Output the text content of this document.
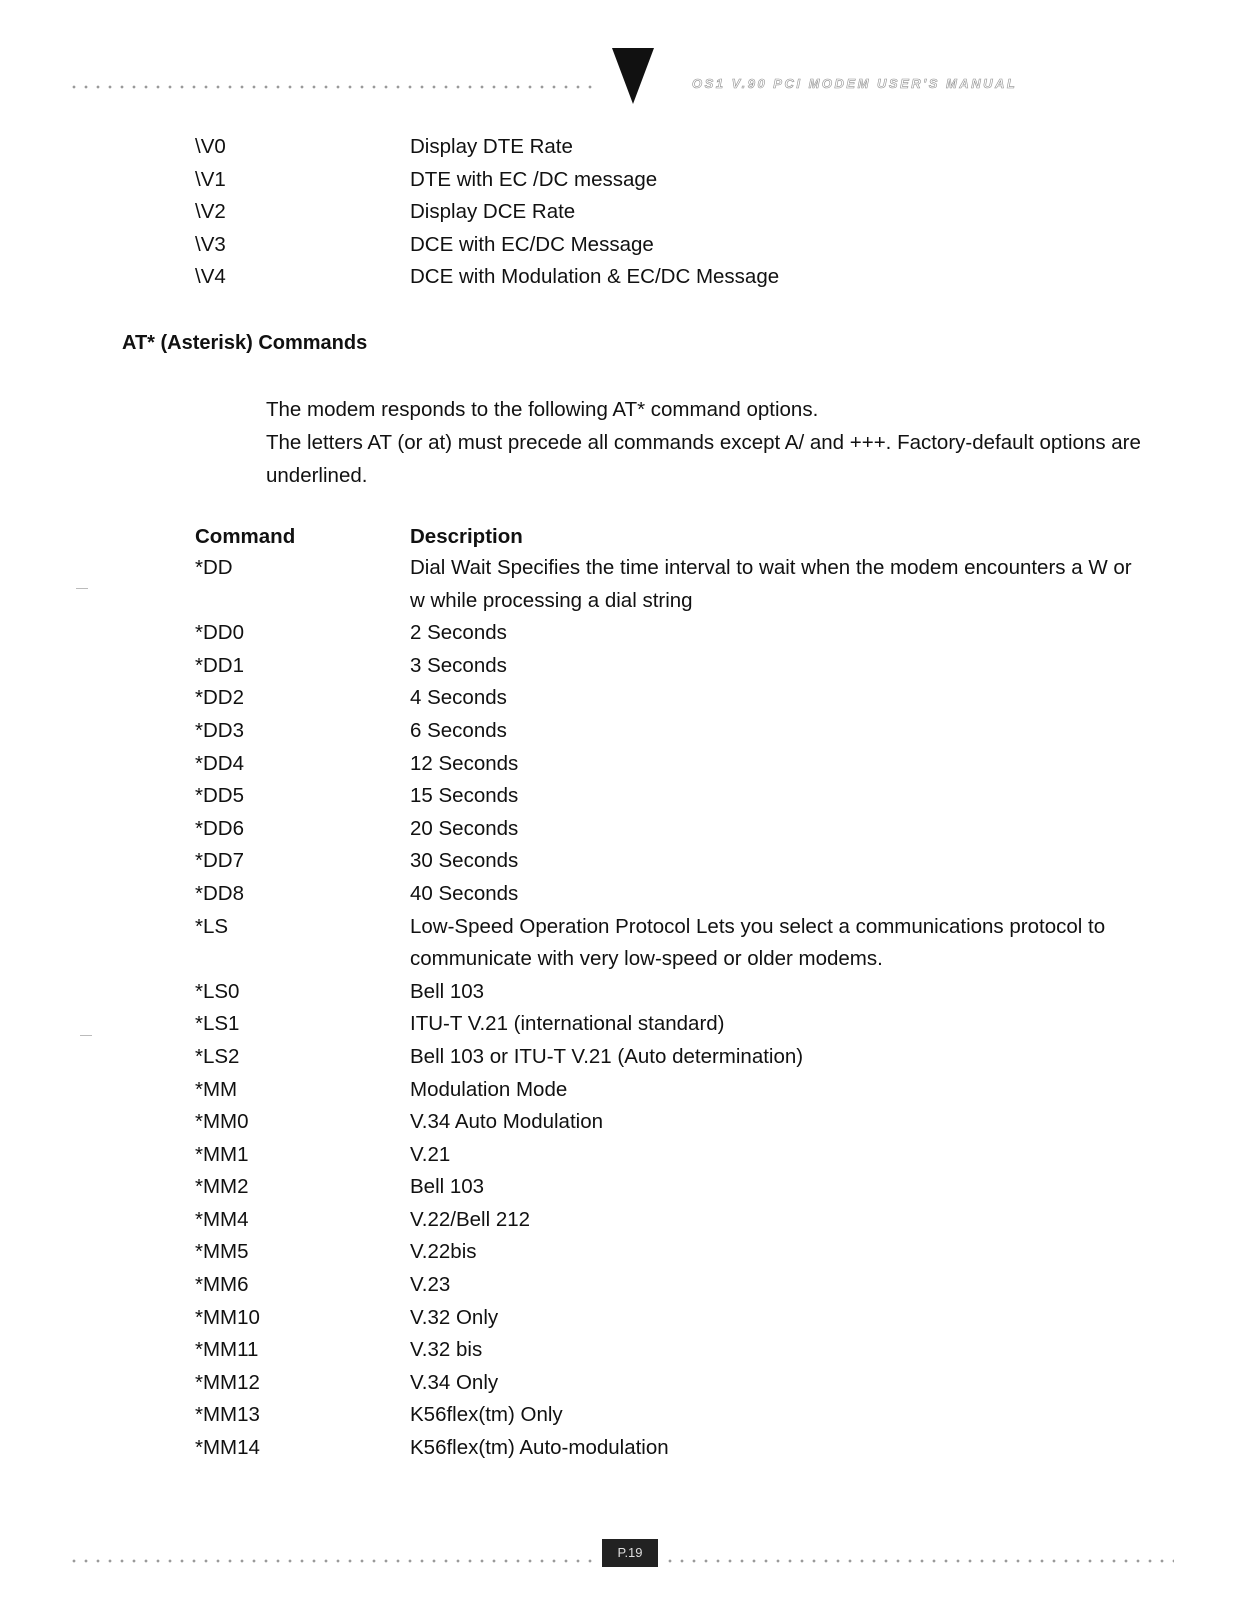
OS1 V.90 PCI MODEM USER'S MANUAL
\V0	Display DTE Rate
\V1	DTE with EC /DC message
\V2	Display DCE Rate
\V3	DCE with EC/DC Message
\V4	DCE with Modulation & EC/DC Message
AT* (Asterisk) Commands

The modem responds to the following AT* command options.

The letters AT (or at) must precede all commands except A/ and +++. Factory-default options are underlined.

Command	Description
*DD	Dial Wait Specifies the time interval to wait when the modem encounters a W or w while processing a dial string
*DD0	2 Seconds
*DD1	3 Seconds
*DD2	4 Seconds
*DD3	6 Seconds
*DD4	12 Seconds
*DD5	15 Seconds
*DD6	20 Seconds
*DD7	30 Seconds
*DD8	40 Seconds
*LS	Low-Speed Operation Protocol Lets you select a communications protocol to communicate with very low-speed or older modems.
*LS0	Bell 103
*LS1	ITU-T V.21 (international standard)
*LS2	Bell 103 or ITU-T V.21 (Auto determination)
*MM	Modulation Mode
*MM0	V.34 Auto Modulation
*MM1	V.21
*MM2	Bell 103
*MM4	V.22/Bell 212
*MM5	V.22bis
*MM6	V.23
*MM10	V.32 Only
*MM11	V.32 bis
*MM12	V.34 Only
*MM13	K56flex(tm) Only
*MM14	K56flex(tm) Auto-modulation
P.19
